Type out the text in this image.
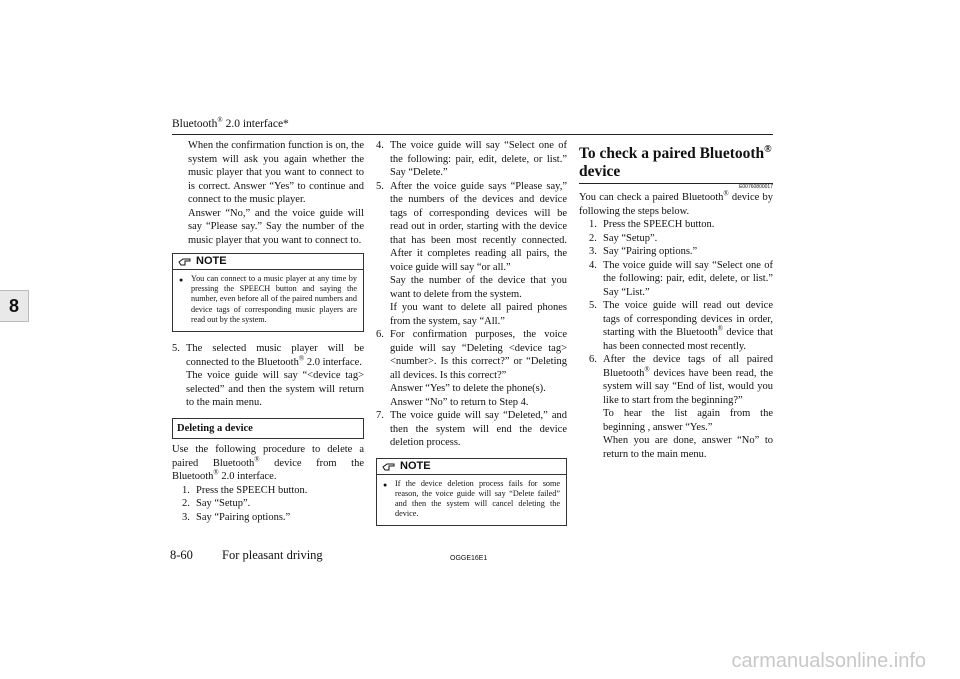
Bluetooth® 2.0 interface*
8

When the confirmation function is on, the system will ask you again whether the music player that you want to connect to is correct. Answer “Yes” to continue and connect to the music player.

Answer “No,” and the voice guide will say “Please say.” Say the number of the music player that you want to connect to.

NOTE
● You can connect to a music player at any time by pressing the SPEECH button and saying the number, even before all of the paired numbers and device tags of corresponding music players are read out by the system.
5. The selected music player will be connected to the Bluetooth® 2.0 interface.

The voice guide will say “<device tag> selected” and then the system will return to the main menu.

Deleting a device

Use the following procedure to delete a paired Bluetooth® device from the Bluetooth® 2.0 interface.

1. Press the SPEECH button.
2. Say “Setup”.
3. Say “Pairing options.”
4. The voice guide will say “Select one of the following: pair, edit, delete, or list.” Say “Delete.”
5. After the voice guide says “Please say,” the numbers of the devices and device tags of corresponding devices will be read out in order, starting with the device that has been most recently connected. After it completes reading all pairs, the voice guide will say “or all.”

Say the number of the device that you want to delete from the system.

If you want to delete all paired phones from the system, say “All.”

6. For confirmation purposes, the voice guide will say “Deleting <device tag> <number>. Is this correct?” or “Deleting all devices. Is this correct?”

Answer “Yes” to delete the phone(s).

Answer “No” to return to Step 4.

7. The voice guide will say “Deleted,” and then the system will end the device deletion process.
NOTE
● If the device deletion process fails for some reason, the voice guide will say “Delete failed” and then the system will cancel deleting the device.
To check a paired Bluetooth®
device
E00760800017

You can check a paired Bluetooth® device by following the steps below.

1. Press the SPEECH button.
2. Say “Setup”.
3. Say “Pairing options.”
4. The voice guide will say “Select one of the following: pair, edit, delete, or list.” Say “List.”
5. The voice guide will read out device tags of corresponding devices in order, starting with the Bluetooth® device that has been connected most recently.
6. After the device tags of all paired Bluetooth® devices have been read, the system will say “End of list, would you like to start from the beginning?”

To hear the list again from the beginning , answer “Yes.”

When you are done, answer “No” to return to the main menu.

8-60 For pleasant driving	OGGE16E1
carmanualsonline.info
